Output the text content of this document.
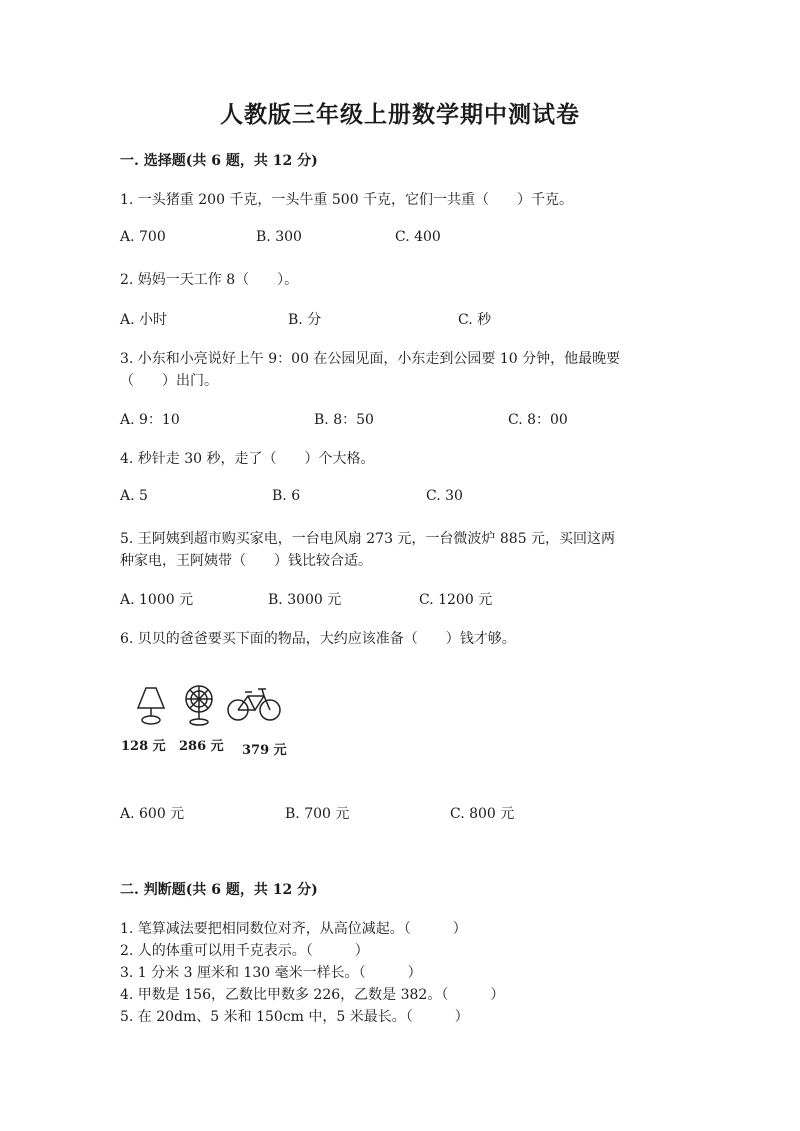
人教版三年级上册数学期中测试卷
一. 选择题(共 6 题，共 12 分)
1. 一头猪重 200 千克，一头牛重 500 千克，它们一共重（　　）千克。
A. 700	B. 300	C. 400
2. 妈妈一天工作 8（　　）。
A. 小时	B. 分	C. 秒
3. 小东和小亮说好上午 9：00 在公园见面，小东走到公园要 10 分钟，他最晚要
（　　）出门。
A. 9：10	B. 8：50	C. 8：00
4. 秒针走 30 秒，走了（　　）个大格。
A. 5	B. 6	C. 30
5. 王阿姨到超市购买家电，一台电风扇 273 元，一台微波炉 885 元，买回这两
种家电，王阿姨带（　　）钱比较合适。
A. 1000 元	B. 3000 元	C. 1200 元
6. 贝贝的爸爸要买下面的物品，大约应该准备（　　）钱才够。
128 元 286 元 379 元
A. 600 元	B. 700 元	C. 800 元
二. 判断题(共 6 题，共 12 分)
1. 笔算减法要把相同数位对齐，从高位减起。（　　　）
2. 人的体重可以用千克表示。（　　　）
3. 1 分米 3 厘米和 130 毫米一样长。（　　　）
4. 甲数是 156，乙数比甲数多 226，乙数是 382。（　　　）
5. 在 20dm、5 米和 150cm 中，5 米最长。（　　　）
